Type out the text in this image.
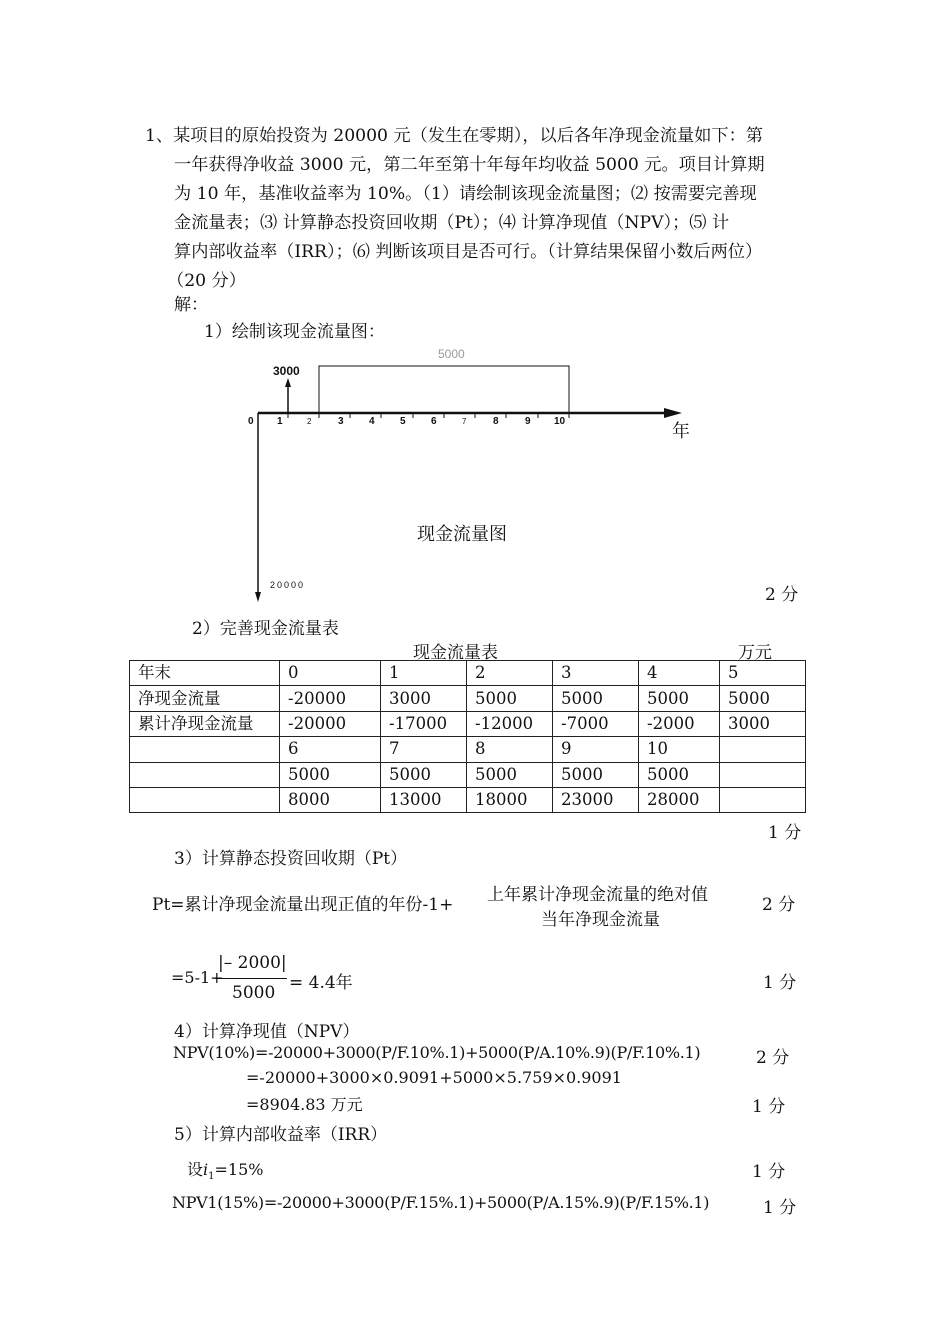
1、某项目的原始投资为 20000 元（发生在零期），以后各年净现金流量如下：第
一年获得净收益 3000 元，第二年至第十年每年均收益 5000 元。项目计算期
为 10 年，基准收益率为 10%。（1）请绘制该现金流量图；⑵ 按需要完善现
金流量表；⑶ 计算静态投资回收期（Pt）；⑷ 计算净现值（NPV）；⑸ 计
算内部收益率（IRR）；⑹ 判断该项目是否可行。（计算结果保留小数后两位）
（20 分）
解：
1）绘制该现金流量图：
0 1	2	3	4	5	6	7	8	9 10
5000
3000
20000
年
现金流量图
2 分
2）完善现金流量表
现金流量表	万元
年末	0	1	2	3	4	5
净现金流量	-20000	3000	5000	5000	5000	5000
累计净现金流量	-20000	-17000	-12000	-7000	-2000	3000
	6	7	8	9	10	
	5000	5000	5000	5000	5000	
	8000	13000	18000	23000	28000	
1 分
3）计算静态投资回收期（Pt）
Pt=累计净现金流量出现正值的年份-1+ 上年累计净现金流量的绝对值
当年净现金流量
2 分
=5-1+
|– 2000|
5000 = 4.4年	1 分
4）计算净现值（NPV）
NPV(10%)=-20000+3000(P/F.10%.1)+5000(P/A.10%.9)(P/F.10%.1)	2 分
=-20000+3000×0.9091+5000×5.759×0.9091
=8904.83 万元	1 分
5）计算内部收益率（IRR）
设$i_1=15\%$	1 分
NPV1(15%)=-20000+3000(P/F.15%.1)+5000(P/A.15%.9)(P/F.15%.1)	1 分
